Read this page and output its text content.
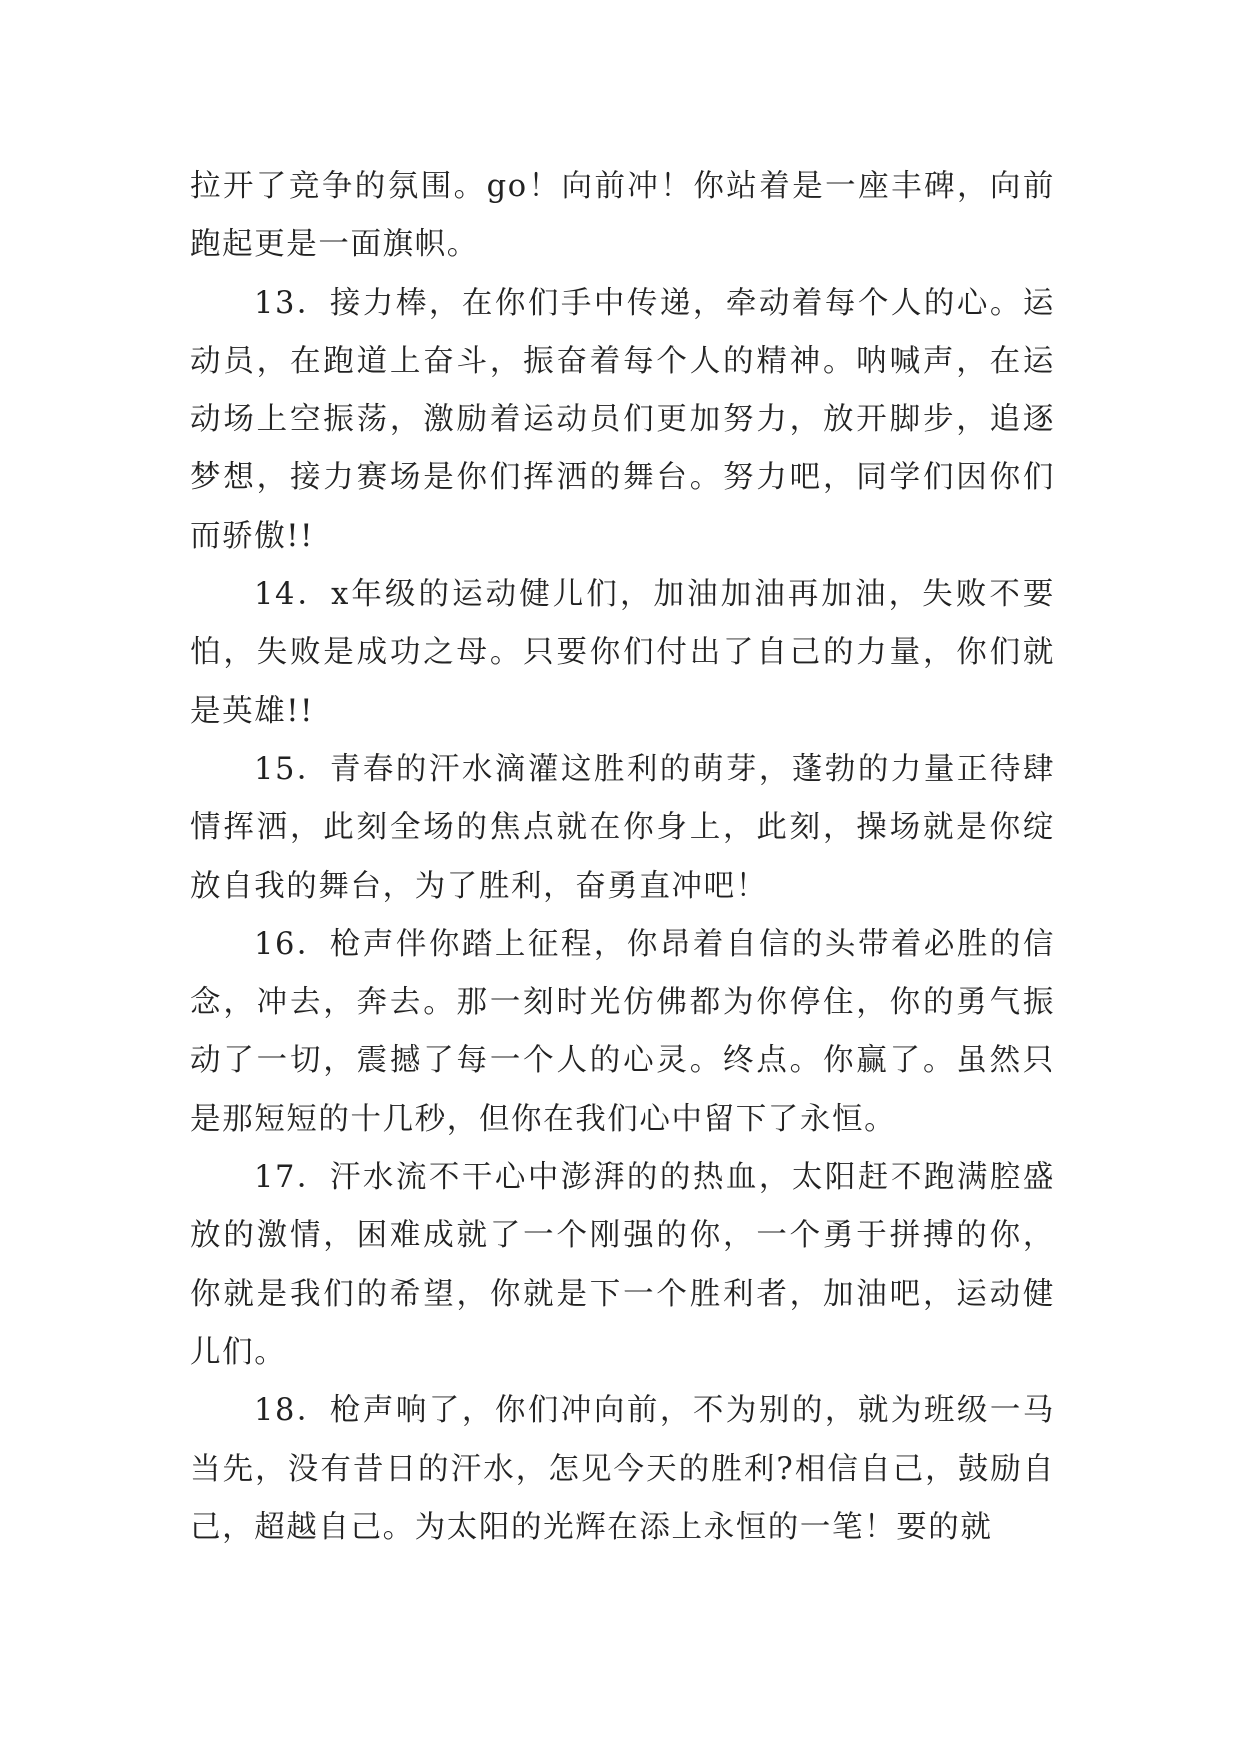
拉开了竞争的氛围。go！向前冲！你站着是一座丰碑，向前跑起更是一面旗帜。

13．接力棒，在你们手中传递，牵动着每个人的心。运动员，在跑道上奋斗，振奋着每个人的精神。呐喊声，在运动场上空振荡，激励着运动员们更加努力，放开脚步，追逐梦想，接力赛场是你们挥洒的舞台。努力吧，同学们因你们而骄傲!!

14．x年级的运动健儿们，加油加油再加油，失败不要怕，失败是成功之母。只要你们付出了自己的力量，你们就是英雄!!

15．青春的汗水滴灌这胜利的萌芽，蓬勃的力量正待肆情挥洒，此刻全场的焦点就在你身上，此刻，操场就是你绽放自我的舞台，为了胜利，奋勇直冲吧！

16．枪声伴你踏上征程，你昂着自信的头带着必胜的信念，冲去，奔去。那一刻时光仿佛都为你停住，你的勇气振动了一切，震撼了每一个人的心灵。终点。你赢了。虽然只是那短短的十几秒，但你在我们心中留下了永恒。

17．汗水流不干心中澎湃的的热血，太阳赶不跑满腔盛放的激情，困难成就了一个刚强的你，一个勇于拼搏的你，你就是我们的希望，你就是下一个胜利者，加油吧，运动健儿们。

18．枪声响了，你们冲向前，不为别的，就为班级一马当先，没有昔日的汗水，怎见今天的胜利?相信自己，鼓励自己，超越自己。为太阳的光辉在添上永恒的一笔！要的就
